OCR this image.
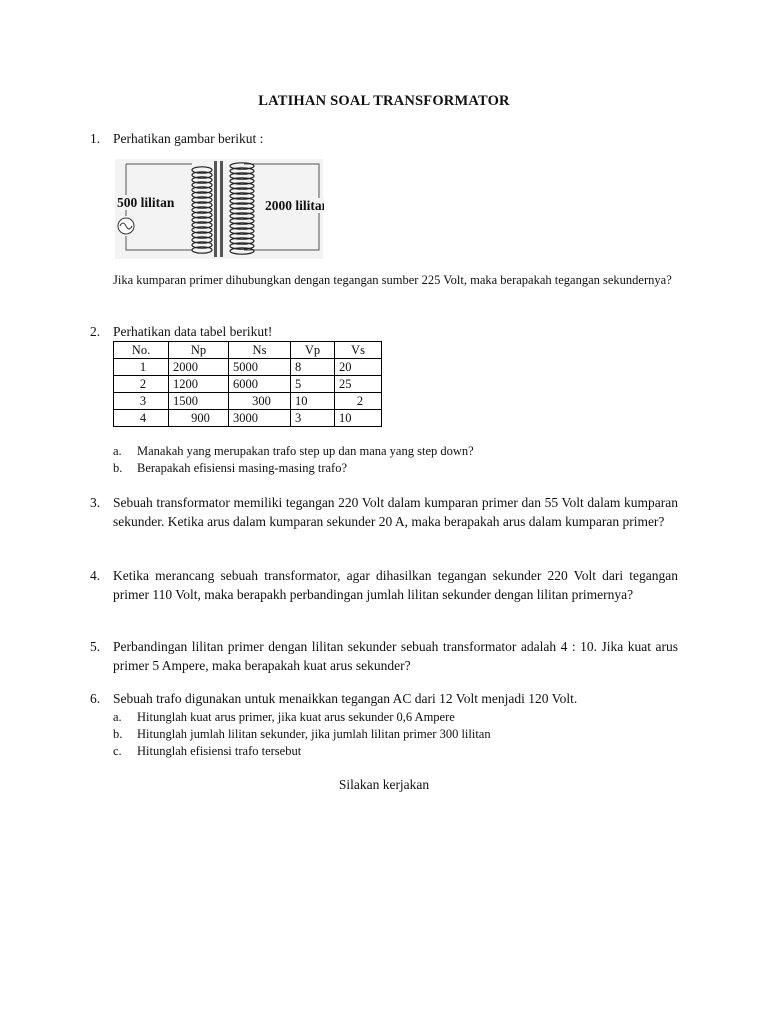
LATIHAN SOAL TRANSFORMATOR
1. Perhatikan gambar berikut :
500 lilitan	2000 lilitan
Jika kumparan primer dihubungkan dengan tegangan sumber 225 Volt, maka berapakah tegangan sekundernya?
2. Perhatikan data tabel berikut!
No.	Np	Ns	Vp	Vs
1	2000	5000	8	20
2	1200	6000	5	25
3	1500	300	10	2
4	900	3000	3	10
a.	Manakah yang merupakan trafo step up dan mana yang step down?
b.	Berapakah efisiensi masing-masing trafo?
3. Sebuah transformator memiliki tegangan 220 Volt dalam kumparan primer dan 55 Volt dalam kumparan sekunder. Ketika arus dalam kumparan sekunder 20 A, maka berapakah arus dalam kumparan primer?
4. Ketika merancang sebuah transformator, agar dihasilkan tegangan sekunder 220 Volt dari tegangan primer 110 Volt, maka berapakh perbandingan jumlah lilitan sekunder dengan lilitan primernya?
5. Perbandingan lilitan primer dengan lilitan sekunder sebuah transformator adalah 4 : 10. Jika kuat arus primer 5 Ampere, maka berapakah kuat arus sekunder?
6. Sebuah trafo digunakan untuk menaikkan tegangan AC dari 12 Volt menjadi 120 Volt.
a.	Hitunglah kuat arus primer, jika kuat arus sekunder 0,6 Ampere
b.	Hitunglah jumlah lilitan sekunder, jika jumlah lilitan primer 300 lilitan
c.	Hitunglah efisiensi trafo tersebut
Silakan kerjakan
